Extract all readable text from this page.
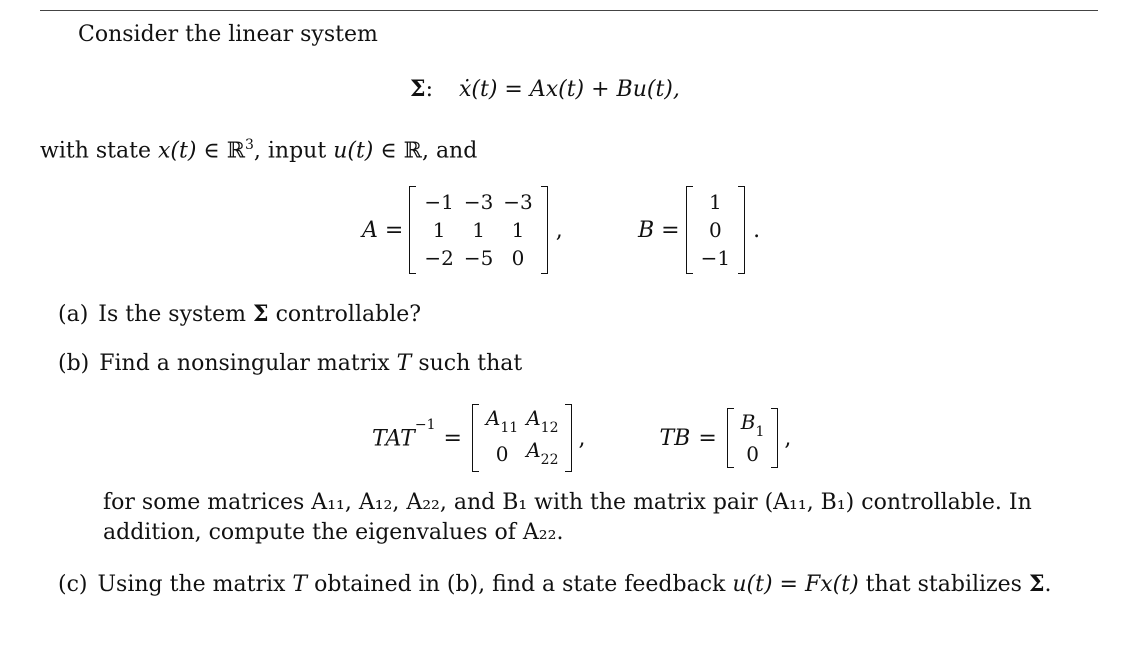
Consider the linear system
Σ : ẋ(t) = Ax(t) + Bu(t),
with state x(t) ∈ ℝ$^3$, input u(t) ∈ ℝ, and
A =
−1	−3	−3
1	1	1
−2	−5	0
,	B =
1
0
−1
.
(a) Is the system Σ controllable?
(b) Find a nonsingular matrix T such that
$TAT^{-1}$
=
$A_{11}$	$A_{12}$
0	$A_{22}$
,	TB =
$B_1$
0
,
for some matrices A₁₁, A₁₂, A₂₂, and B₁ with the matrix pair (A₁₁, B₁) controllable. In
addition, compute the eigenvalues of A₂₂.
(c) Using the matrix T obtained in (b), find a state feedback u(t) = Fx(t) that stabilizes Σ.
